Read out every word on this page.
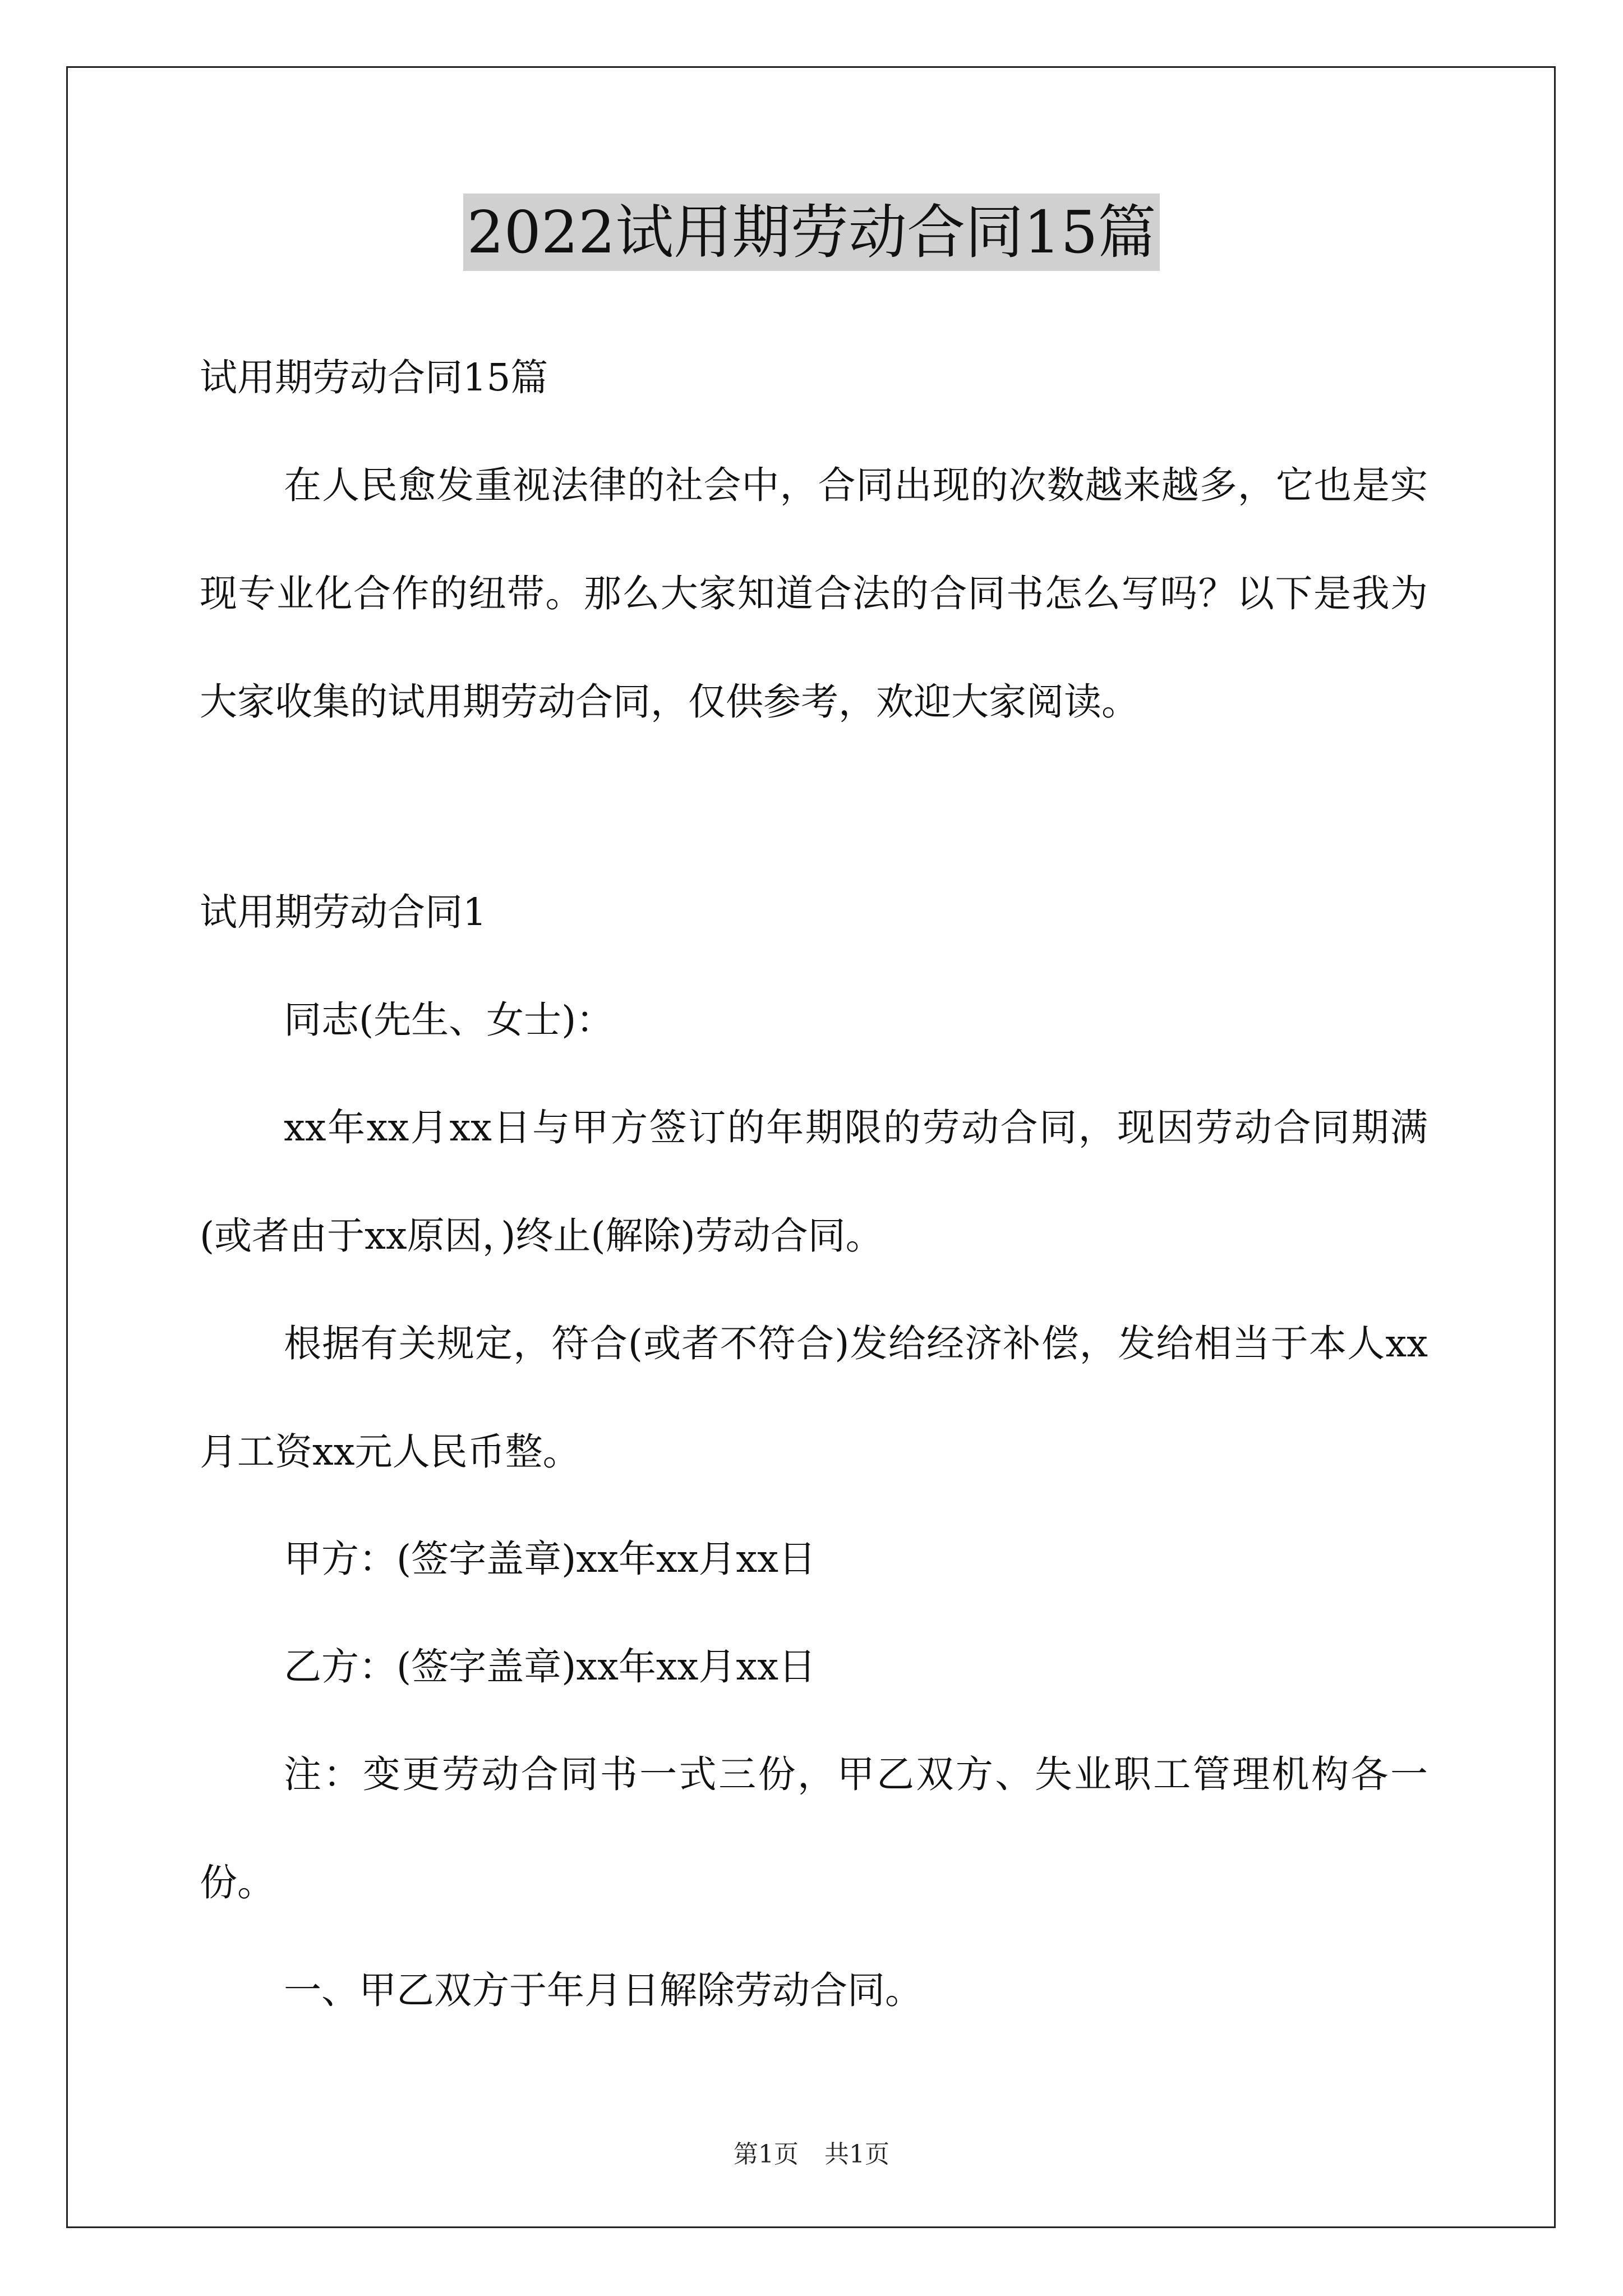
2022试用期劳动合同15篇

试用期劳动合同15篇

在人民愈发重视法律的社会中，合同出现的次数越来越多，它也是实现专业化合作的纽带。那么大家知道合法的合同书怎么写吗？以下是我为大家收集的试用期劳动合同，仅供参考，欢迎大家阅读。

试用期劳动合同1

同志(先生、女士)：

xx年xx月xx日与甲方签订的年期限的劳动合同，现因劳动合同期满(或者由于xx原因，)终止(解除)劳动合同。

根据有关规定，符合(或者不符合)发给经济补偿，发给相当于本人xx月工资xx元人民币整。

甲方：(签字盖章)xx年xx月xx日

乙方：(签字盖章)xx年xx月xx日

注：变更劳动合同书一式三份，甲乙双方、失业职工管理机构各一份。

一、甲乙双方于年月日解除劳动合同。

第1页 共1页
